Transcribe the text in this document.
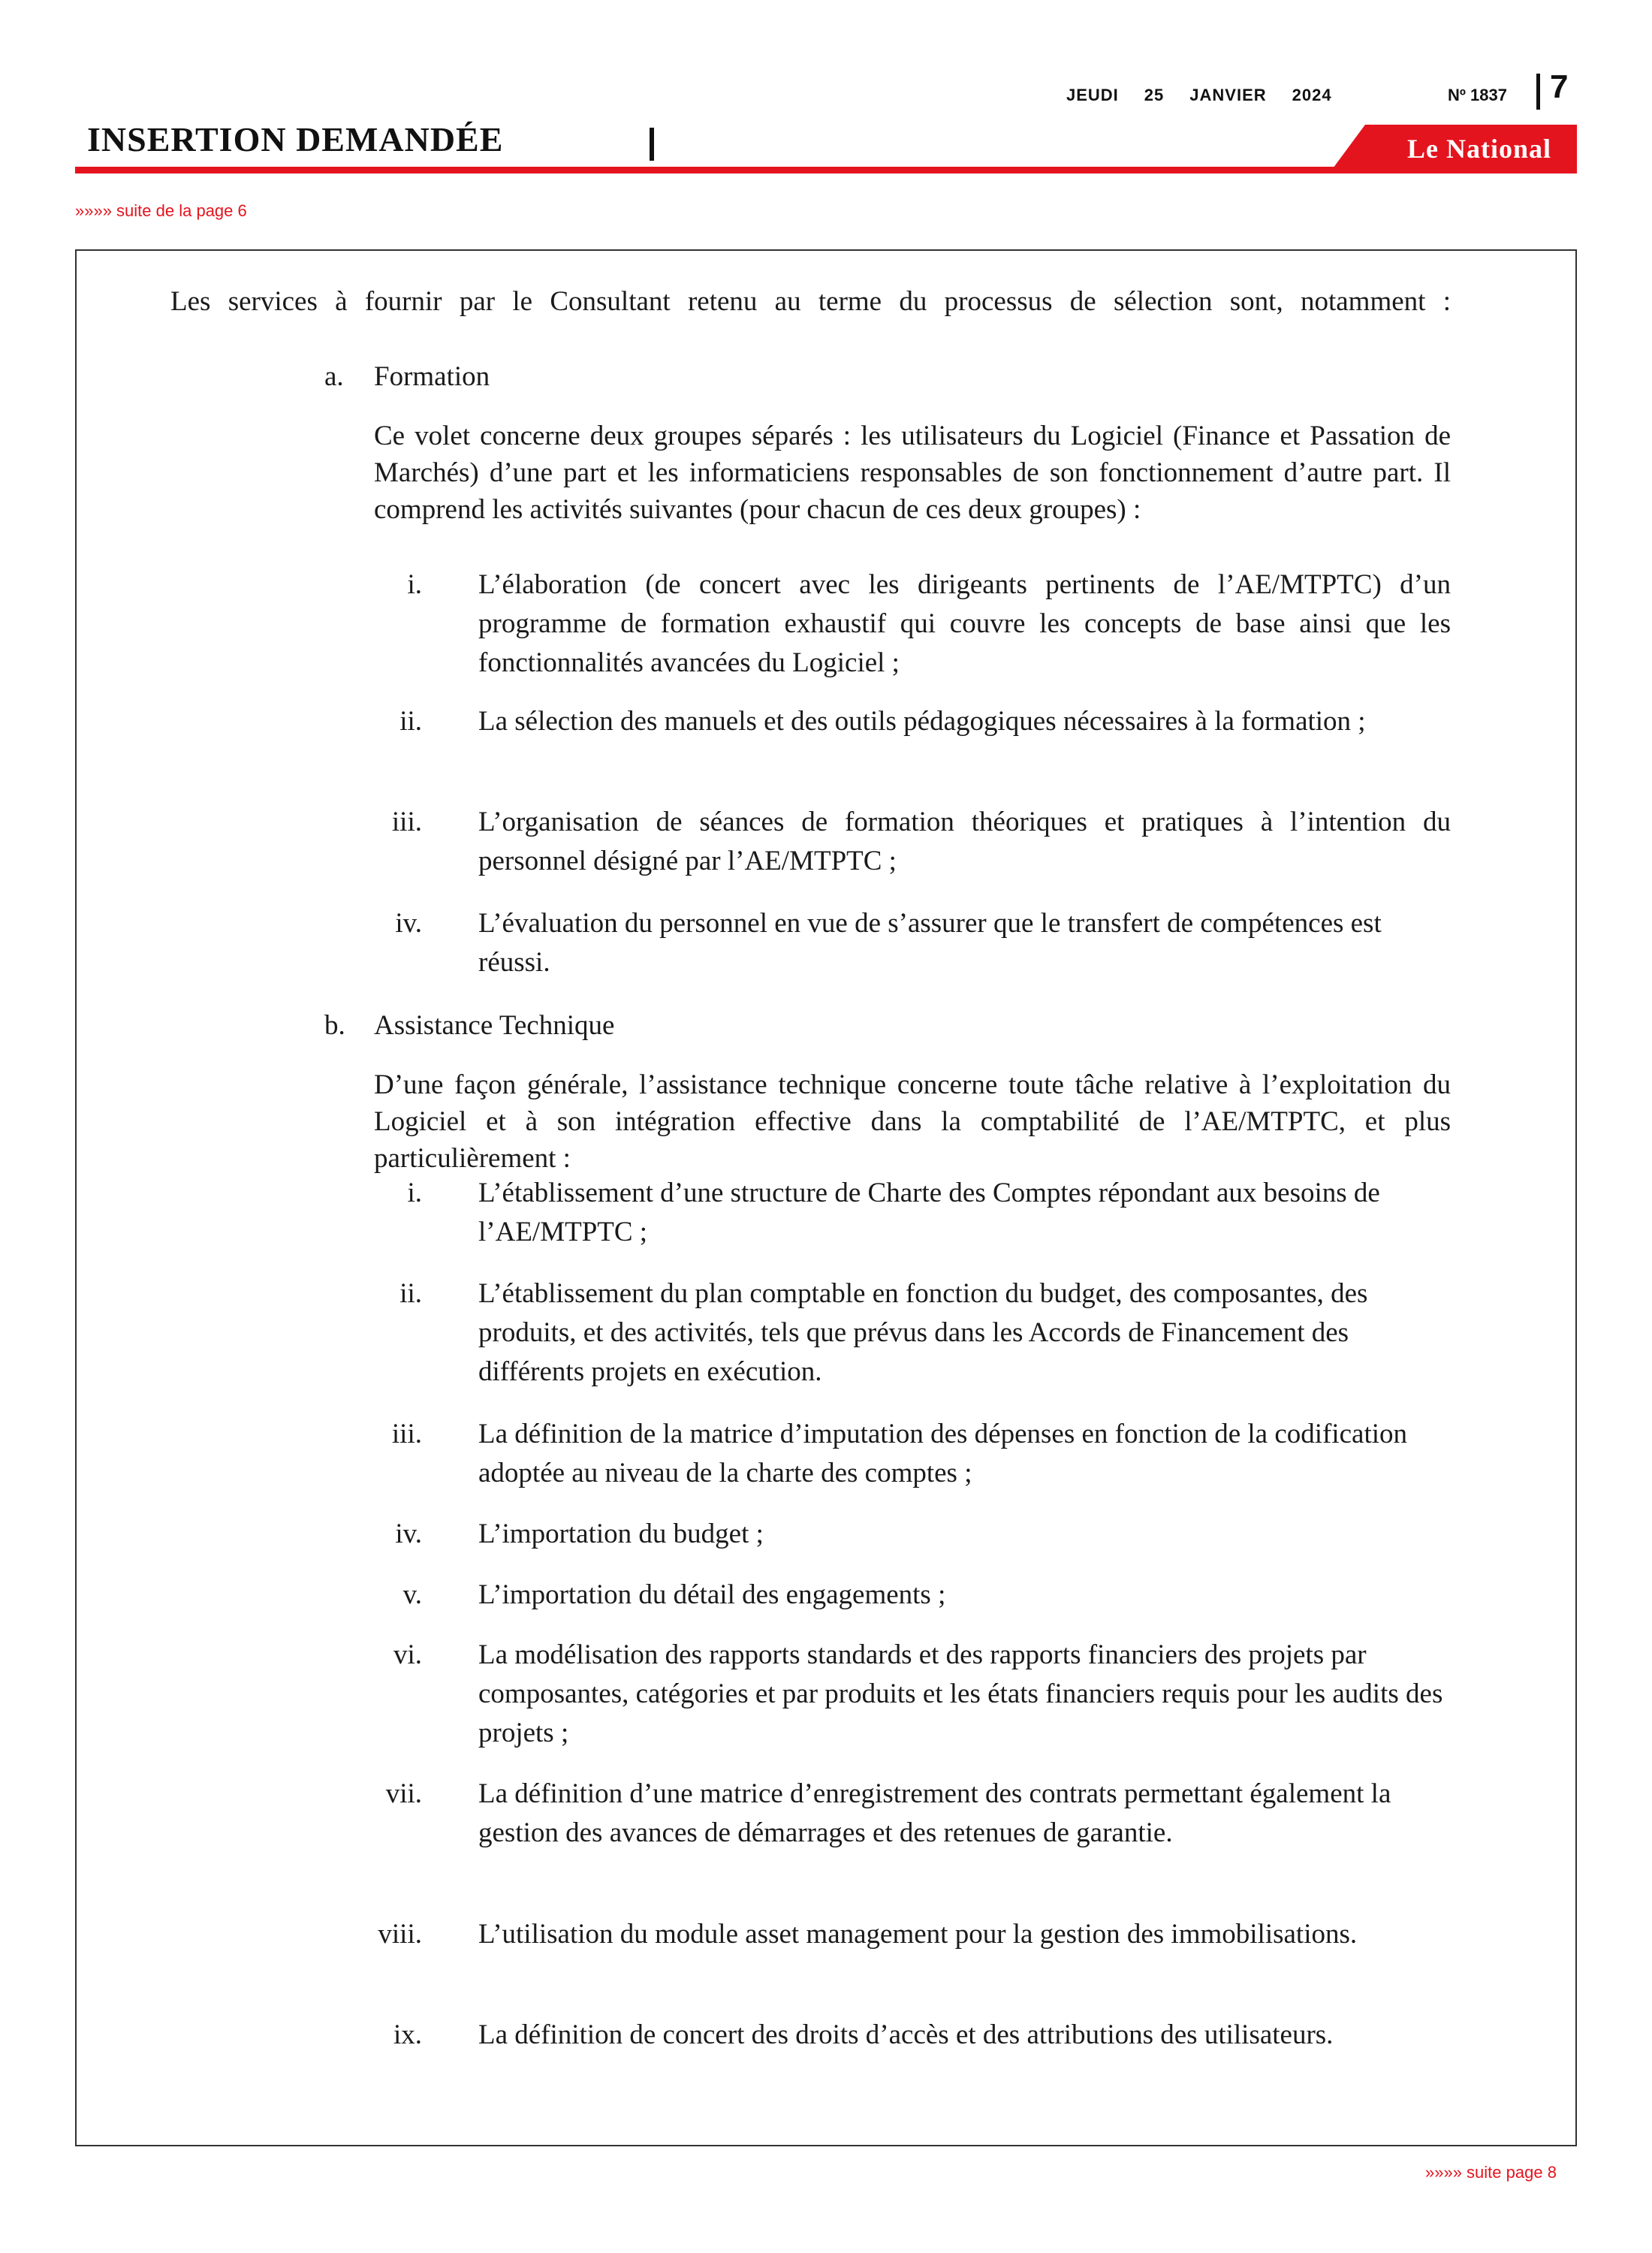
JEUDI 25 JANVIER 2024	Nº 1837 7
INSERTION DEMANDÉE	Le National
»»»» suite de la page 6
Les services à fournir par le Consultant retenu au terme du processus de sélection sont, notamment :
a. Formation
Ce volet concerne deux groupes séparés : les utilisateurs du Logiciel (Finance et Passation de Marchés) d’une part et les informaticiens responsables de son fonctionnement d’autre part. Il comprend les activités suivantes (pour chacun de ces deux groupes) :
i. L’élaboration (de concert avec les dirigeants pertinents de l’AE/MTPTC) d’un programme de formation exhaustif qui couvre les concepts de base ainsi que les fonctionnalités avancées du Logiciel ;
ii. La sélection des manuels et des outils pédagogiques nécessaires à la formation ;
iii. L’organisation de séances de formation théoriques et pratiques à l’intention du personnel désigné par l’AE/MTPTC ;
iv. L’évaluation du personnel en vue de s’assurer que le transfert de compétences est réussi.
b. Assistance Technique
D’une façon générale, l’assistance technique concerne toute tâche relative à l’exploitation du Logiciel et à son intégration effective dans la comptabilité de l’AE/MTPTC, et plus particulièrement :
i. L’établissement d’une structure de Charte des Comptes répondant aux besoins de l’AE/MTPTC ;
ii. L’établissement du plan comptable en fonction du budget, des composantes, des produits, et des activités, tels que prévus dans les Accords de Financement des différents projets en exécution.
iii. La définition de la matrice d’imputation des dépenses en fonction de la codification adoptée au niveau de la charte des comptes ;
iv. L’importation du budget ;
v. L’importation du détail des engagements ;
vi. La modélisation des rapports standards et des rapports financiers des projets par composantes, catégories et par produits et les états financiers requis pour les audits des projets ;
vii. La définition d’une matrice d’enregistrement des contrats permettant également la gestion des avances de démarrages et des retenues de garantie.
viii. L’utilisation du module asset management pour la gestion des immobilisations.
ix. La définition de concert des droits d’accès et des attributions des utilisateurs.
»»»» suite page 8
